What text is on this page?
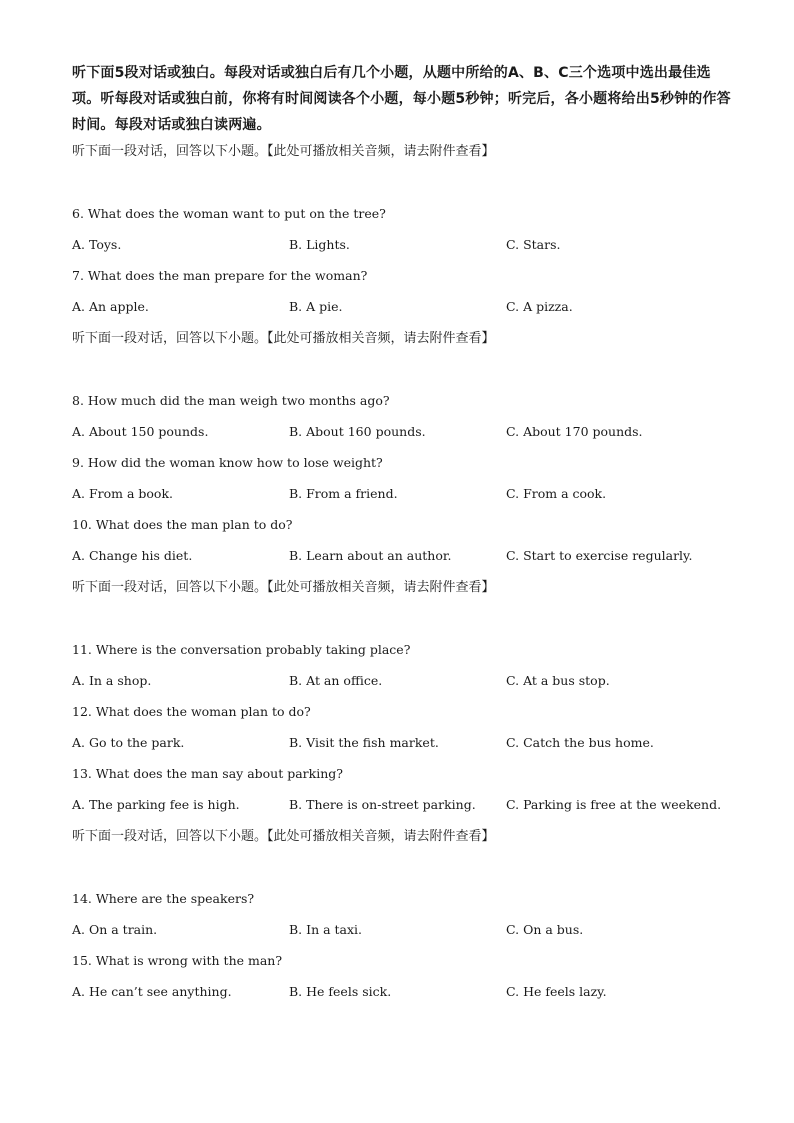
听下面5段对话或独白。每段对话或独白后有几个小题，从题中所给的A、B、C三个选项中选出最佳选项。听每段对话或独白前，你将有时间阅读各个小题，每小题5秒钟；听完后，各小题将给出5秒钟的作答时间。每段对话或独白读两遍。

听下面一段对话，回答以下小题。【此处可播放相关音频，请去附件查看】
6. What does the woman want to put on the tree?
A. Toys.	B. Lights.	C. Stars.
7. What does the man prepare for the woman?
A. An apple.	B. A pie.	C. A pizza.
听下面一段对话，回答以下小题。【此处可播放相关音频，请去附件查看】
8. How much did the man weigh two months ago?
A. About 150 pounds.	B. About 160 pounds.	C. About 170 pounds.
9. How did the woman know how to lose weight?
A. From a book.	B. From a friend.	C. From a cook.
10. What does the man plan to do?
A. Change his diet.	B. Learn about an author.	C. Start to exercise regularly.
听下面一段对话，回答以下小题。【此处可播放相关音频，请去附件查看】
11. Where is the conversation probably taking place?
A. In a shop.	B. At an office.	C. At a bus stop.
12. What does the woman plan to do?
A. Go to the park.	B. Visit the fish market.	C. Catch the bus home.
13. What does the man say about parking?
A. The parking fee is high.	B. There is on-street parking.	C. Parking is free at the weekend.
听下面一段对话，回答以下小题。【此处可播放相关音频，请去附件查看】
14. Where are the speakers?
A. On a train.	B. In a taxi.	C. On a bus.
15. What is wrong with the man?
A. He can’t see anything.	B. He feels sick.	C. He feels lazy.
